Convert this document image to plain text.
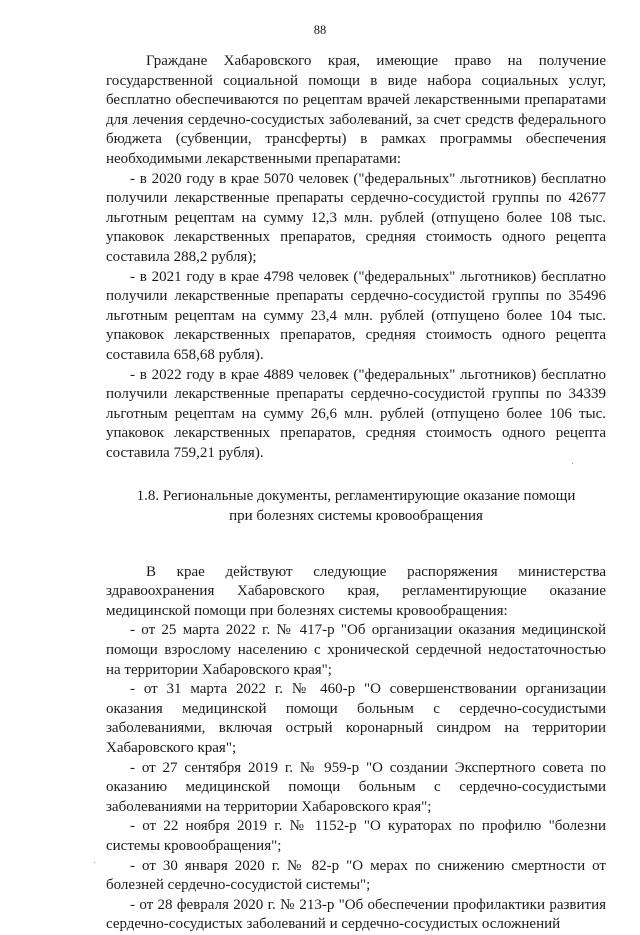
88

Граждане Хабаровского края, имеющие право на получение государственной социальной помощи в виде набора социальных услуг, бесплатно обеспечиваются по рецептам врачей лекарственными препаратами для лечения сердечно-сосудистых заболеваний, за счет средств федерального бюджета (субвенции, трансферты) в рамках программы обеспечения необходимыми лекарственными препаратами:

- в 2020 году в крае 5070 человек ("федеральных" льготников) бесплатно получили лекарственные препараты сердечно-сосудистой группы по 42677 льготным рецептам на сумму 12,3 млн. рублей (отпущено более 108 тыс. упаковок лекарственных препаратов, средняя стоимость одного рецепта составила 288,2 рубля);

- в 2021 году в крае 4798 человек ("федеральных" льготников) бесплатно получили лекарственные препараты сердечно-сосудистой группы по 35496 льготным рецептам на сумму 23,4 млн. рублей (отпущено более 104 тыс. упаковок лекарственных препаратов, средняя стоимость одного рецепта составила 658,68 рубля).

- в 2022 году в крае 4889 человек ("федеральных" льготников) бесплатно получили лекарственные препараты сердечно-сосудистой группы по 34339 льготным рецептам на сумму 26,6 млн. рублей (отпущено более 106 тыс. упаковок лекарственных препаратов, средняя стоимость одного рецепта составила 759,21 рубля).

1.8. Региональные документы, регламентирующие оказание помощи
при болезнях системы кровообращения

В крае действуют следующие распоряжения министерства здравоохранения Хабаровского края, регламентирующие оказание медицинской помощи при болезнях системы кровообращения:

- от 25 марта 2022 г. № 417-р "Об организации оказания медицинской помощи взрослому населению с хронической сердечной недостаточностью на территории Хабаровского края";

- от 31 марта 2022 г. № 460-р "О совершенствовании организации оказания медицинской помощи больным с сердечно-сосудистыми заболеваниями, включая острый коронарный синдром на территории Хабаровского края";

- от 27 сентября 2019 г. № 959-р "О создании Экспертного совета по оказанию медицинской помощи больным с сердечно-сосудистыми заболеваниями на территории Хабаровского края";

- от 22 ноября 2019 г. № 1152-р "О кураторах по профилю "болезни системы кровообращения";

- от 30 января 2020 г. № 82-р "О мерах по снижению смертности от болезней сердечно-сосудистой системы";

- от 28 февраля 2020 г. № 213-р "Об обеспечении профилактики развития сердечно-сосудистых заболеваний и сердечно-сосудистых осложнений
